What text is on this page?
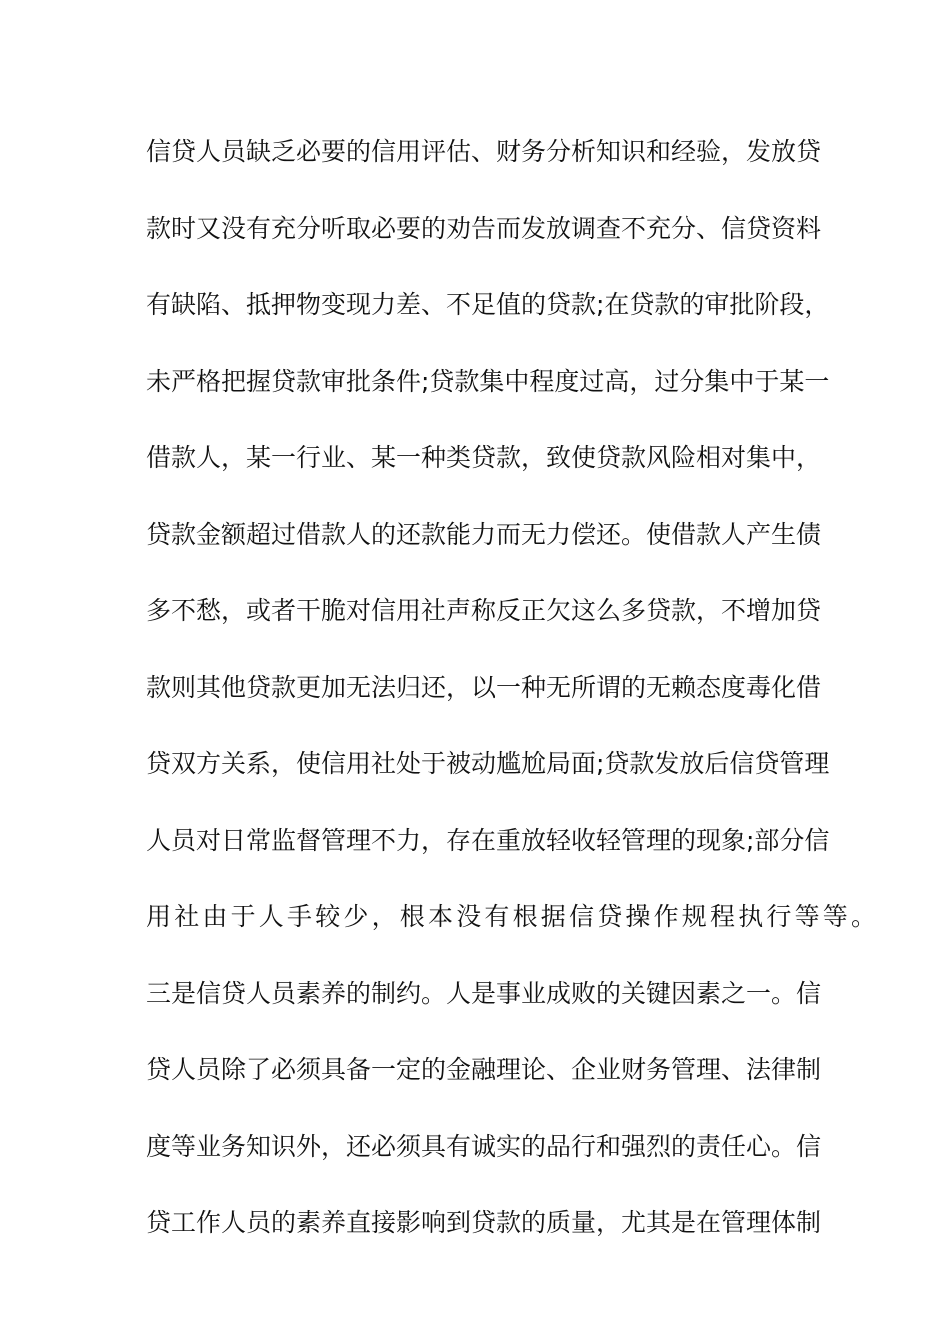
信贷人员缺乏必要的信用评估、财务分析知识和经验，发放贷
款时又没有充分听取必要的劝告而发放调查不充分、信贷资料
有缺陷、抵押物变现力差、不足值的贷款;在贷款的审批阶段，
未严格把握贷款审批条件;贷款集中程度过高，过分集中于某一
借款人，某一行业、某一种类贷款，致使贷款风险相对集中，
贷款金额超过借款人的还款能力而无力偿还。使借款人产生债
多不愁，或者干脆对信用社声称反正欠这么多贷款，不增加贷
款则其他贷款更加无法归还，以一种无所谓的无赖态度毒化借
贷双方关系，使信用社处于被动尴尬局面;贷款发放后信贷管理
人员对日常监督管理不力，存在重放轻收轻管理的现象;部分信
用社由于人手较少，根本没有根据信贷操作规程执行等等。
三是信贷人员素养的制约。人是事业成败的关键因素之一。信
贷人员除了必须具备一定的金融理论、企业财务管理、法律制
度等业务知识外，还必须具有诚实的品行和强烈的责任心。信
贷工作人员的素养直接影响到贷款的质量，尤其是在管理体制
